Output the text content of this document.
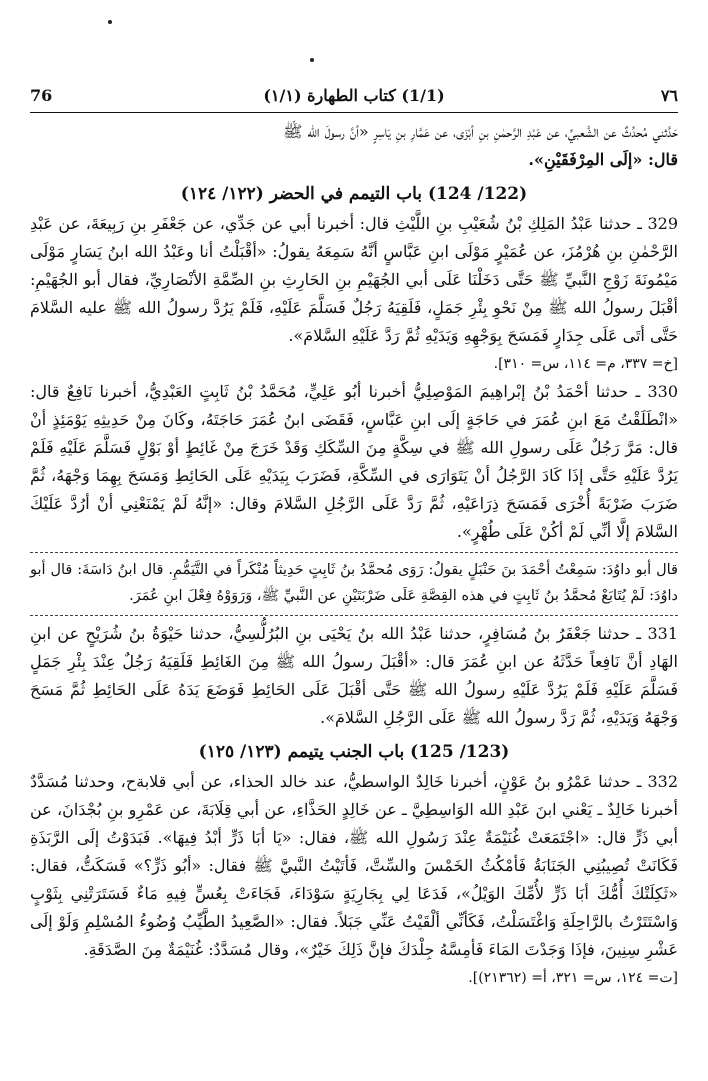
76	(1/1) كتاب الطهارة (١/١)	٧٦

حَدَّثني مُحدِّثٌ عن الشَّعبيِّ، عن عَبْدِ الرَّحمٰنِ بنِ أبْزَى، عن عَمَّارِ بنِ يَاسِرٍ «أنَّ رسولَ الله ﷺ

قال: «إلَى المِرْفَقَيْنِ».

(122/ 124) باب التيمم في الحضر (١٢٢/ ١٢٤)

329 ـ حدثنا عَبْدُ المَلِكِ بْنُ شُعَيْبِ بنِ اللَّيْثِ قال: أخبرنا أبي عن جَدِّي، عن جَعْفَرِ بنِ رَبِيعَةَ، عن عَبْدِ الرَّحْمٰنِ بنِ هُرْمُزَ، عن عُمَيْرٍ مَوْلَى ابنِ عَبَّاسٍ أنَّهُ سَمِعَهُ يقولُ: «أقْبَلْتُ أنا وعَبْدُ الله ابنُ يَسَارٍ مَوْلَى مَيْمُونَةَ زَوْجِ النَّبيِّ ﷺ حَتَّى دَخَلْنَا عَلَى أبي الجُهَيْمِ بنِ الحَارِثِ بنِ الصِّمَّةِ الأنْصَارِيِّ، فقال أبو الجُهَيْمِ: أقْبَلَ رسولُ الله ﷺ مِنْ نَحْوِ بِئْرِ جَمَلٍ، فَلَقِيَهُ رَجُلٌ فَسَلَّمَ عَلَيْهِ، فَلَمْ يَرُدَّ رسولُ الله ﷺ عليه السَّلامَ حَتَّى أتَى عَلَى جِدَارٍ فَمَسَحَ بِوَجْهِهِ وَيَدَيْهِ ثُمَّ رَدَّ عَلَيْهِ السَّلامَ».

[خ= ٣٣٧، م= ١١٤، س= ٣١٠].

330 ـ حدثنا أحْمَدُ بْنُ إبْراهِيمَ المَوْصِلِيُّ أخبرنا أبُو عَلِيٍّ، مُحَمَّدُ بْنُ ثَابِتٍ العَبْدِيُّ، أخبرنا نَافِعٌ قال: «انْطَلَقْتُ مَعَ ابنِ عُمَرَ في حَاجَةٍ إلَى ابنِ عَبَّاسٍ، فَقَضَى ابنُ عُمَرَ حَاجَتَهُ، وكَانَ مِنْ حَدِيثِهِ يَوْمَئِذٍ أنْ قال: مَرَّ رَجُلٌ عَلَى رسولِ الله ﷺ في سِكَّةٍ مِنَ السِّكَكِ وَقَدْ خَرَجَ مِنْ غَائِطٍ أوْ بَوْلٍ فَسَلَّمَ عَلَيْهِ فَلَمْ يَرُدَّ عَلَيْهِ حَتَّى إذَا كَادَ الرَّجُلُ أنْ يَتَوَارَى في السِّكَّةِ، فَضَرَبَ بِيَدَيْهِ عَلَى الحَائِطِ وَمَسَحَ بِهِمَا وَجْهَهُ، ثُمَّ ضَرَبَ ضَرْبَةً أُخْرَى فَمَسَحَ ذِرَاعَيْهِ، ثُمَّ رَدَّ عَلَى الرَّجُلِ السَّلامَ وقال: «إنَّهُ لَمْ يَمْنَعْنِي أنْ أرُدَّ عَلَيْكَ السَّلامَ إلَّا أنِّي لَمْ أكُنْ عَلَى طُهْرٍ».

قال أبو داوُدَ: سَمِعْتُ أحْمَدَ بنَ حَنْبَلٍ يقولُ: رَوَى مُحمَّدُ بنُ ثَابِتٍ حَدِيثاً مُنْكَراً في التَّيَمُّمِ. قال ابنُ دَاسَةَ: قال أبو داوُدَ: لَمْ يُتَابَعْ مُحمَّدُ بنُ ثَابِتٍ في هذه القِصَّةِ عَلَى ضَرْبَتَيْنِ عن النَّبيِّ ﷺ، وَرَوَوْهُ فِعْلَ ابنِ عُمَرَ.

331 ـ حدثنا جَعْفَرُ بنُ مُسَافِرٍ، حدثنا عَبْدُ الله بنُ يَحْيَى بنِ البُرُلُّسِيُّ، حدثنا حَيْوَةُ بنُ شُرَيْحٍ عن ابنِ الهَادِ أنَّ نَافِعاً حَدَّثَهُ عن ابنِ عُمَرَ قال: «أقْبَلَ رسولُ الله ﷺ مِنَ الغَائِطِ فَلَقِيَهُ رَجُلٌ عِنْدَ بِئْرِ جَمَلٍ فَسَلَّمَ عَلَيْهِ فَلَمْ يَرُدَّ عَلَيْهِ رسولُ الله ﷺ حَتَّى أقْبَلَ عَلَى الحَائِطِ فَوَضَعَ يَدَهُ عَلَى الحَائِطِ ثُمَّ مَسَحَ وَجْهَهُ وَيَدَيْهِ، ثُمَّ رَدَّ رسولُ الله ﷺ عَلَى الرَّجُلِ السَّلامَ».

(123/ 125) باب الجنب يتيمم (١٢٣/ ١٢٥)

332 ـ حدثنا عَمْرُو بنُ عَوْنٍ، أخبرنا خَالِدٌ الواسطيُّ، عند خالد الحذاء، عن أبي قلابةح، وحدثنا مُسَدَّدٌ أخبرنا خَالِدٌ ـ يَعْني ابنَ عَبْدِ الله الوَاسِطِيَّ ـ عن خَالِدٍ الحَذَّاءِ، عن أبي قِلَابَةَ، عن عَمْرِو بنِ بُجْدَانَ، عن أبي ذَرٍّ قال: «اجْتَمَعَتْ غُنَيْمَةٌ عِنْدَ رَسُولِ الله ﷺ، فقال: «يَا أبَا ذَرٍّ أبْدُ فِيهَا». فَبَدَوْتُ إلَى الرَّبَذَةِ فَكَانَتْ تُصِيبُنِي الجَنَابَةُ فَأمْكُثُ الخَمْسَ والسِّتَّ، فَأتَيْتُ النَّبيَّ ﷺ فقال: «أبُو ذَرٍّ؟» فَسَكَتُّ، فقال: «ثَكِلَتْكَ أُمُّكَ أبَا ذَرٍّ لأُمِّكَ الوَيْلُ»، فَدَعَا لِي بِجَارِيَةٍ سَوْدَاءَ، فَجَاءَتْ بِعُسٍّ فِيهِ مَاءٌ فَسَتَرَتْنِي بِثَوْبٍ وَاسْتَتَرْتُ بالرَّاحِلَةِ وَاغْتَسَلْتُ، فَكَأنِّي ألْقَيْتُ عَنِّي جَبَلاً. فقال: «الصَّعِيدُ الطَّيِّبُ وُضُوءُ المُسْلِمِ وَلَوْ إلَى عَشْرِ سِنِينَ، فإذَا وَجَدْتَ المَاءَ فَأمِسَّهُ جِلْدَكَ فإنَّ ذَلِكَ خَيْرٌ»، وقال مُسَدَّدٌ: غُنَيْمَةٌ مِنَ الصَّدَقَةِ.

[ت= ١٢٤، س= ٣٢١، أ= (٢١٣٦٢)].
